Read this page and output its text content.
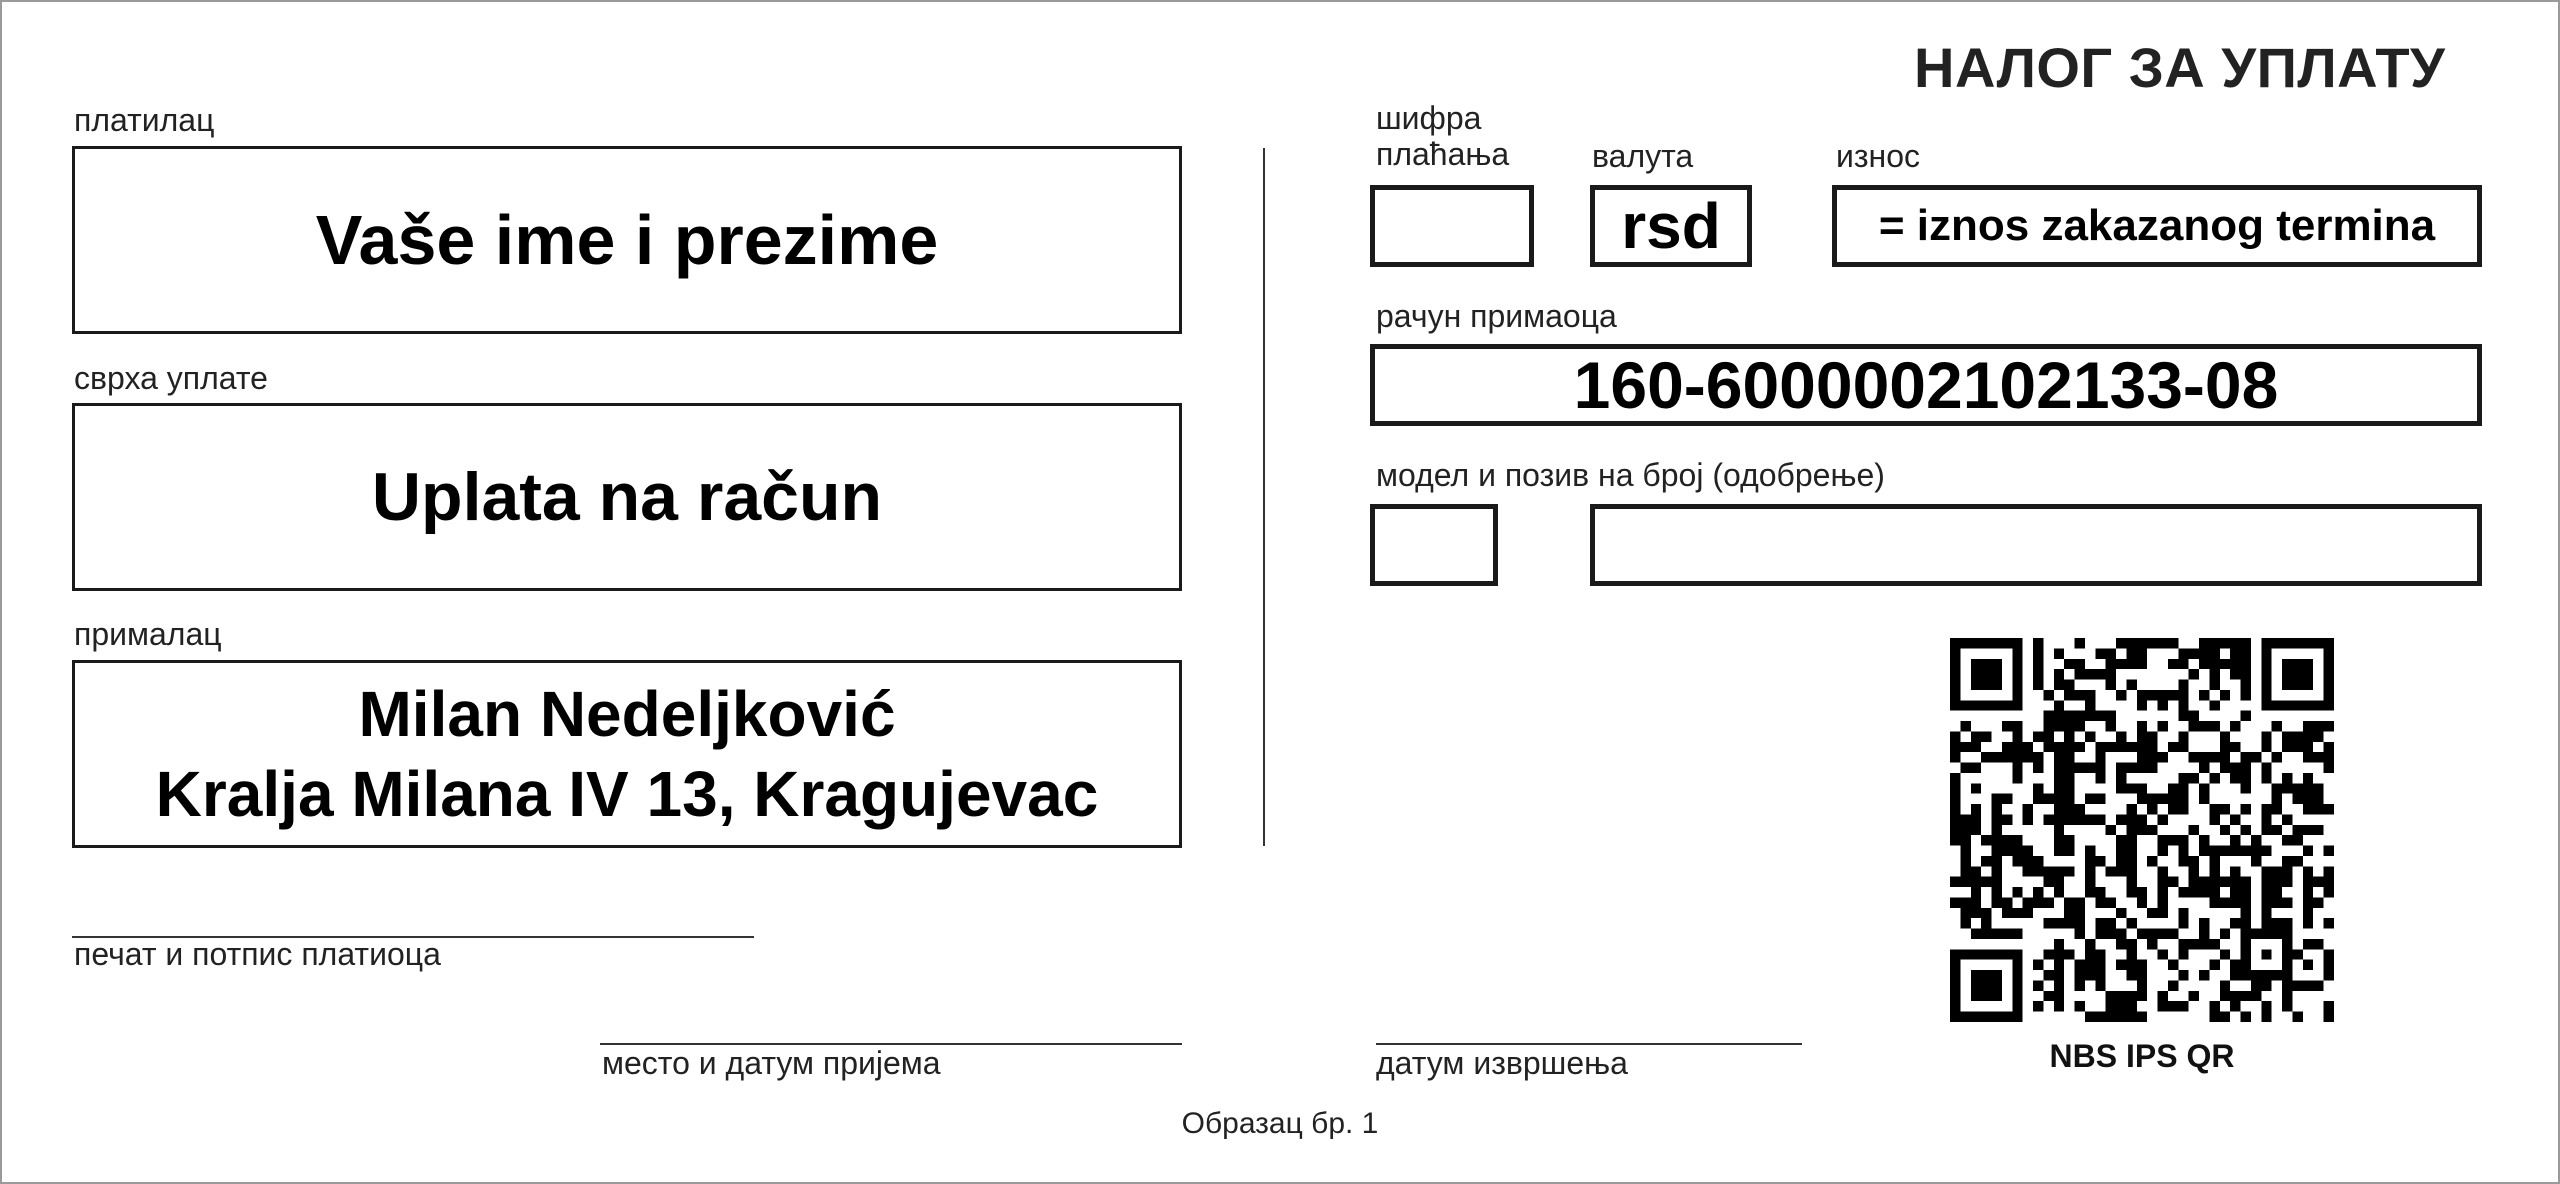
НАЛОГ ЗА УПЛАТУ
платилац
Vaše ime i prezime
сврха уплате
Uplata na račun
прималац
Milan Nedeljković
Kralja Milana IV 13, Kragujevac
печат и потпис платиоца
место и датум пријема
шифра
плаћања	валута
rsd
износ
= iznos zakazanog termina
рачун примаоца
160-6000002102133-08
модел и позив на број (одобрење)
датум извршења	NBS IPS QR
Образац бр. 1
